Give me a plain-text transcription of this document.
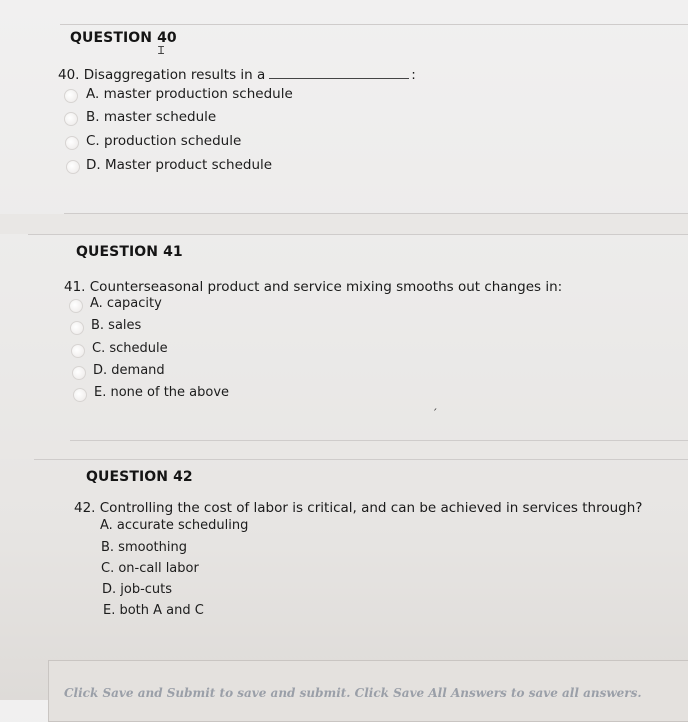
QUESTION 40
Ɪ
40. Disaggregation results in a	:
A. master production schedule
B. master schedule
C. production schedule
D. Master product schedule
QUESTION 41
41. Counterseasonal product and service mixing smooths out changes in:
A. capacity
B. sales
C. schedule
D. demand
E. none of the above
ˏ
QUESTION 42
42. Controlling the cost of labor is critical, and can be achieved in services through?
A. accurate scheduling
B. smoothing
C. on-call labor
D. job-cuts
E. both A and C
Click Save and Submit to save and submit. Click Save All Answers to save all answers.
